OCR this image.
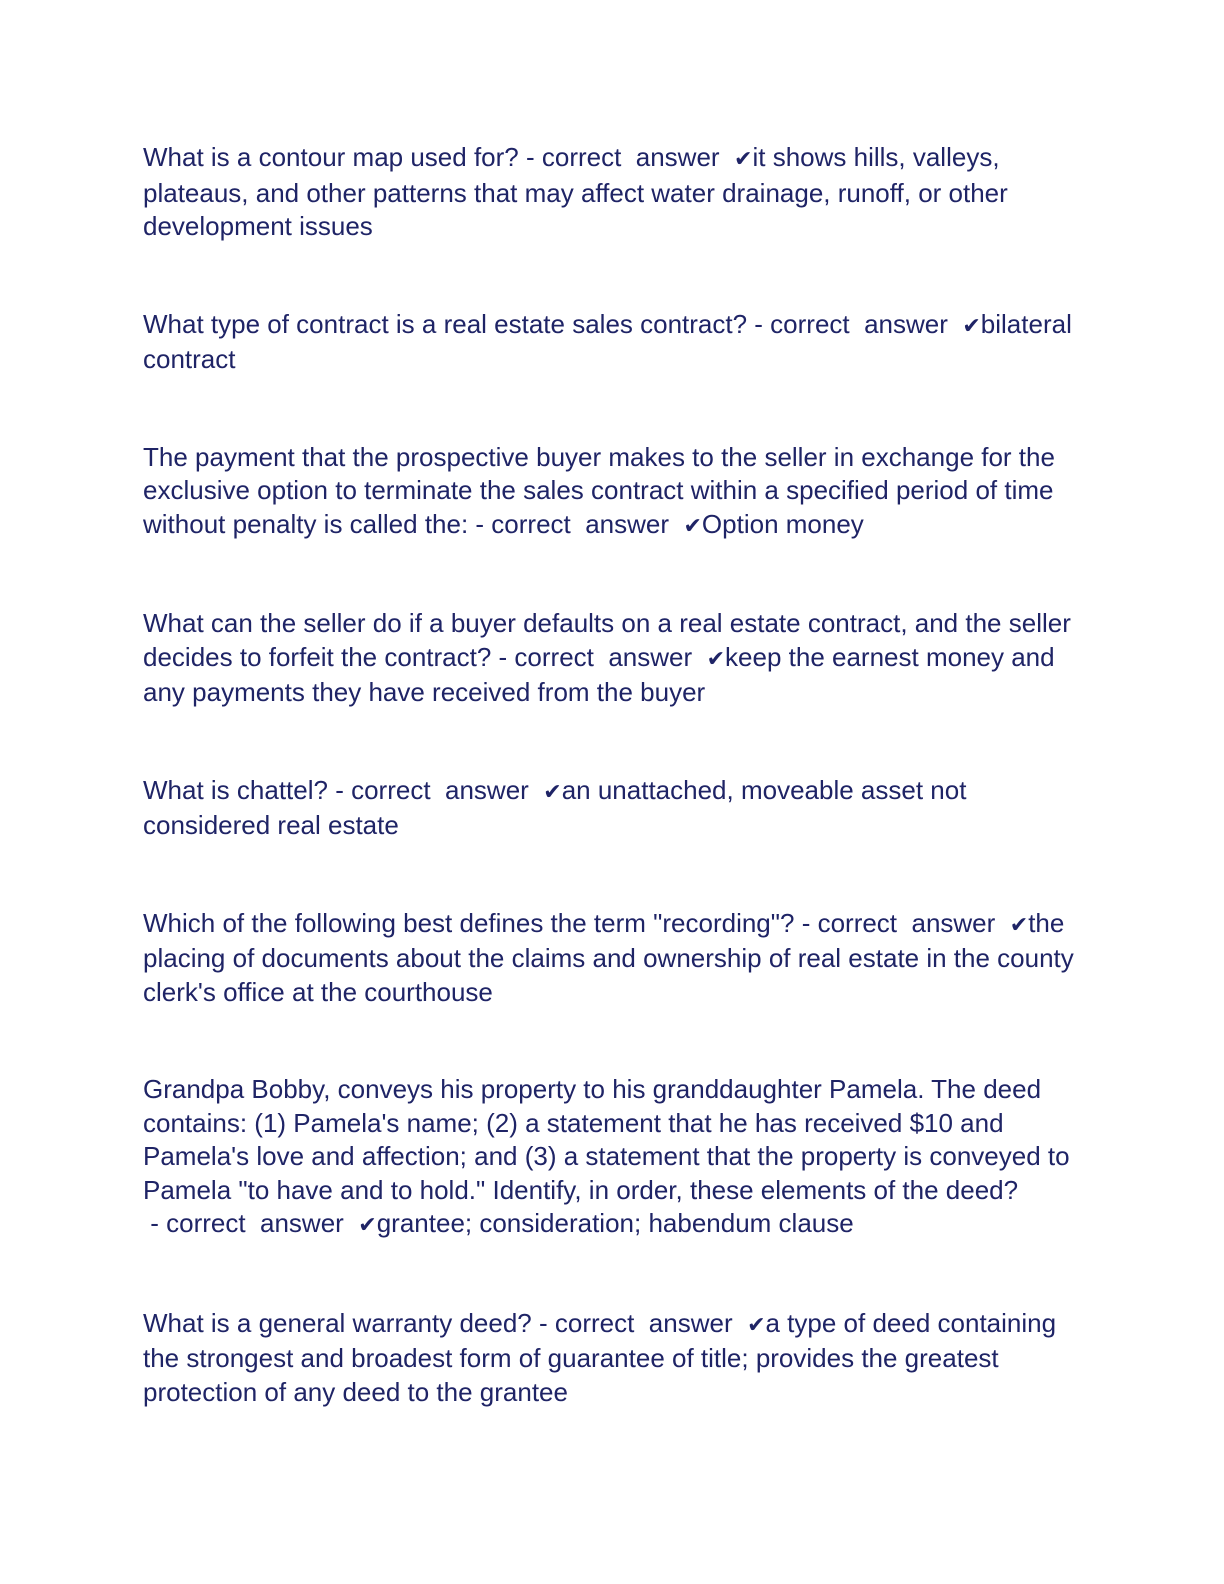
What is a contour map used for? - correct  answer  ✔it shows hills, valleys, plateaus, and other patterns that may affect water drainage, runoff, or other development issues

What type of contract is a real estate sales contract? - correct  answer  ✔bilateral contract

The payment that the prospective buyer makes to the seller in exchange for the exclusive option to terminate the sales contract within a specified period of time without penalty is called the: - correct  answer  ✔Option money

What can the seller do if a buyer defaults on a real estate contract, and the seller decides to forfeit the contract? - correct  answer  ✔keep the earnest money and any payments they have received from the buyer

What is chattel? - correct  answer  ✔an unattached, moveable asset not considered real estate

Which of the following best defines the term "recording"? - correct  answer  ✔the placing of documents about the claims and ownership of real estate in the county clerk's office at the courthouse

Grandpa Bobby, conveys his property to his granddaughter Pamela. The deed contains: (1) Pamela's name; (2) a statement that he has received $10 and Pamela's love and affection; and (3) a statement that the property is conveyed to Pamela "to have and to hold." Identify, in order, these elements of the deed? - correct  answer  ✔grantee; consideration; habendum clause

What is a general warranty deed? - correct  answer  ✔a type of deed containing the strongest and broadest form of guarantee of title; provides the greatest protection of any deed to the grantee
